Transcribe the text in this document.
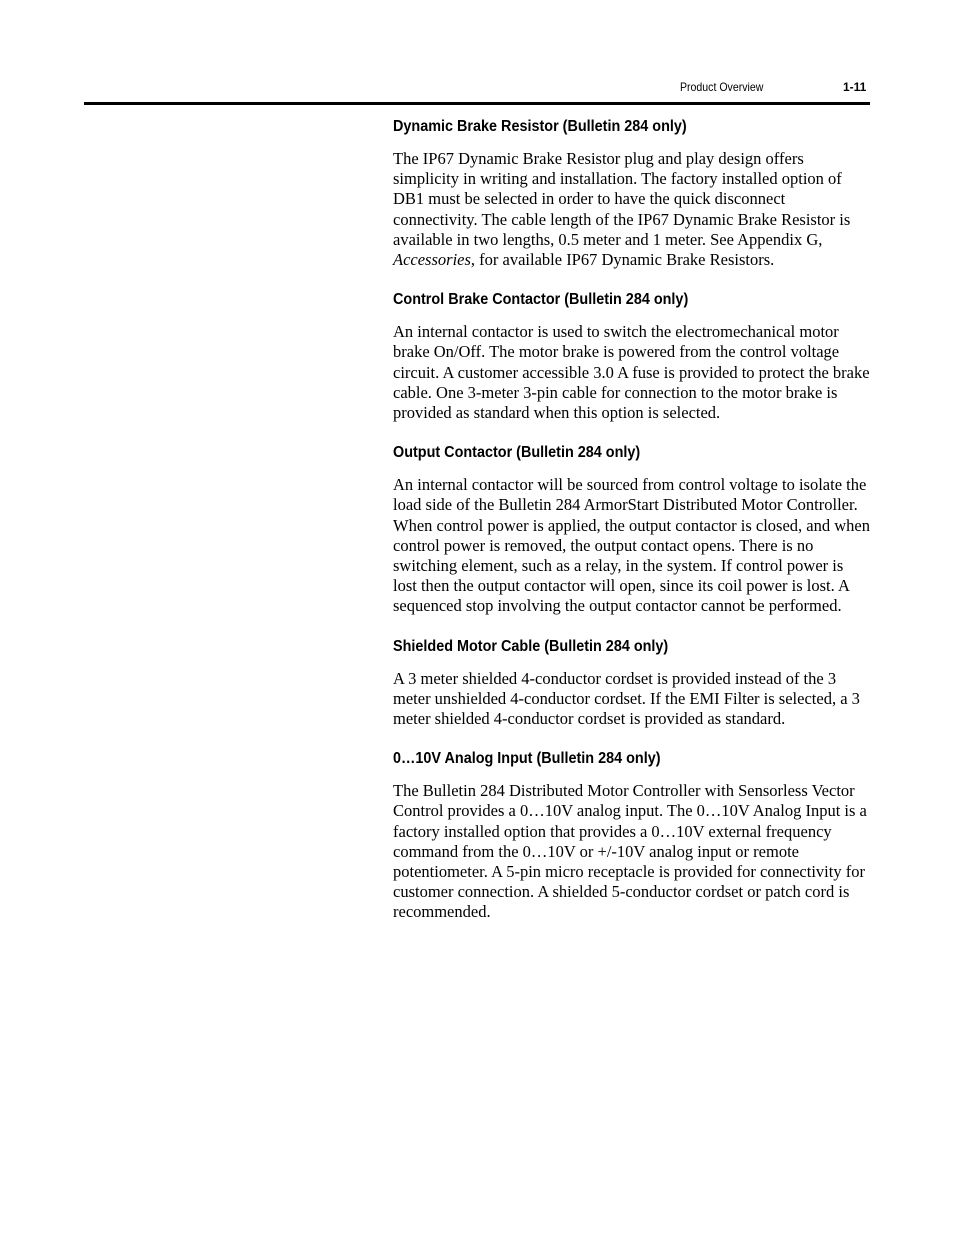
Product Overview	1-11
Dynamic Brake Resistor (Bulletin 284 only)

The IP67 Dynamic Brake Resistor plug and play design offers simplicity in writing and installation. The factory installed option of DB1 must be selected in order to have the quick disconnect connectivity. The cable length of the IP67 Dynamic Brake Resistor is available in two lengths, 0.5 meter and 1 meter. See Appendix G, Accessories, for available IP67 Dynamic Brake Resistors.

Control Brake Contactor (Bulletin 284 only)

An internal contactor is used to switch the electromechanical motor brake On/Off. The motor brake is powered from the control voltage circuit. A customer accessible 3.0 A fuse is provided to protect the brake cable. One 3-meter 3-pin cable for connection to the motor brake is provided as standard when this option is selected.

Output Contactor (Bulletin 284 only)

An internal contactor will be sourced from control voltage to isolate the load side of the Bulletin 284 ArmorStart Distributed Motor Controller. When control power is applied, the output contactor is closed, and when control power is removed, the output contact opens. There is no switching element, such as a relay, in the system. If control power is lost then the output contactor will open, since its coil power is lost. A sequenced stop involving the output contactor cannot be performed.

Shielded Motor Cable (Bulletin 284 only)

A 3 meter shielded 4-conductor cordset is provided instead of the 3 meter unshielded 4-conductor cordset. If the EMI Filter is selected, a 3 meter shielded 4-conductor cordset is provided as standard.

0…10V Analog Input (Bulletin 284 only)

The Bulletin 284 Distributed Motor Controller with Sensorless Vector Control provides a 0…10V analog input. The 0…10V Analog Input is a factory installed option that provides a 0…10V external frequency command from the 0…10V or +/-10V analog input or remote potentiometer. A 5-pin micro receptacle is provided for connectivity for customer connection. A shielded 5-conductor cordset or patch cord is recommended.
